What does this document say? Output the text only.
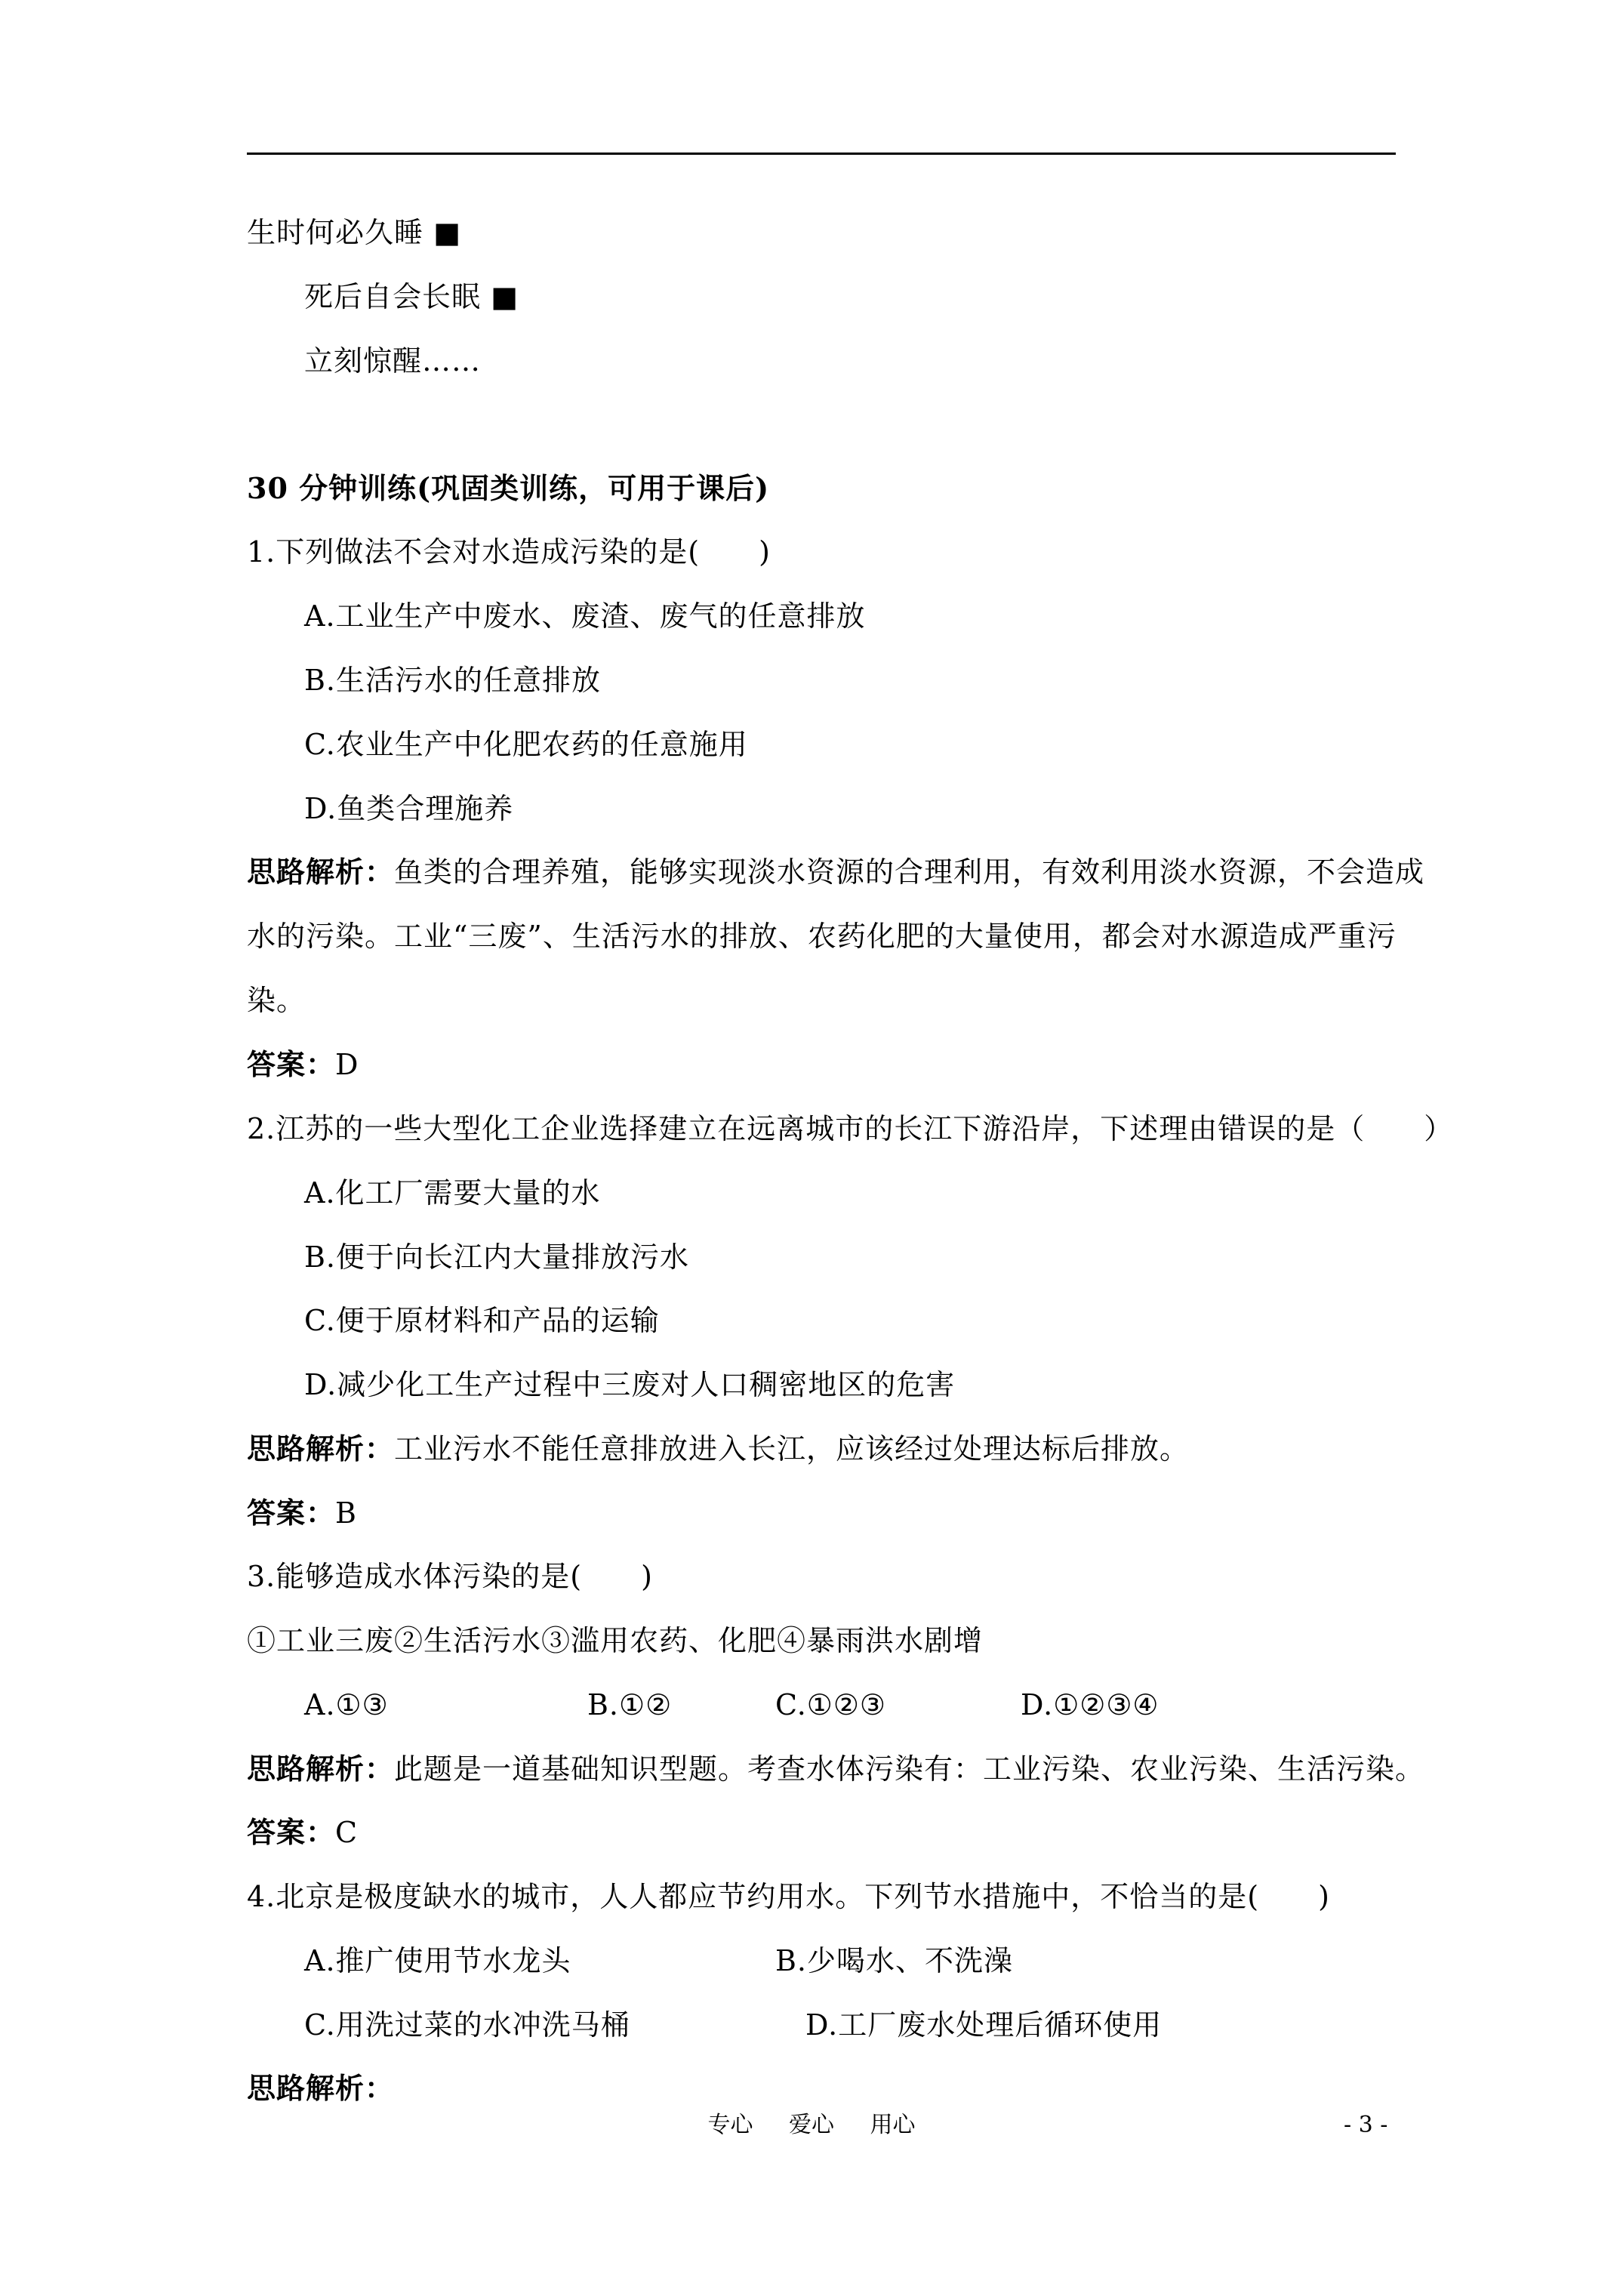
生时何必久睡 ■
死后自会长眠 ■
立刻惊醒……
30 分钟训练(巩固类训练，可用于课后)
1.下列做法不会对水造成污染的是(　　)
A.工业生产中废水、废渣、废气的任意排放
B.生活污水的任意排放
C.农业生产中化肥农药的任意施用
D.鱼类合理施养
思路解析：鱼类的合理养殖，能够实现淡水资源的合理利用，有效利用淡水资源，不会造成
水的污染。工业“三废”、生活污水的排放、农药化肥的大量使用，都会对水源造成严重污
染。
答案：D
2.江苏的一些大型化工企业选择建立在远离城市的长江下游沿岸，下述理由错误的是（　　）
A.化工厂需要大量的水
B.便于向长江内大量排放污水
C.便于原材料和产品的运输
D.减少化工生产过程中三废对人口稠密地区的危害
思路解析：工业污水不能任意排放进入长江，应该经过处理达标后排放。
答案：B
3.能够造成水体污染的是(　　)
①工业三废②生活污水③滥用农药、化肥④暴雨洪水剧增
A.①③	B.①②	C.①②③	D.①②③④
思路解析：此题是一道基础知识型题。考查水体污染有：工业污染、农业污染、生活污染。
答案：C
4.北京是极度缺水的城市，人人都应节约用水。下列节水措施中，不恰当的是(　　)
A.推广使用节水龙头	B.少喝水、不洗澡
C.用洗过菜的水冲洗马桶	D.工厂废水处理后循环使用
思路解析：
专心 爱心 用心	- 3 -
